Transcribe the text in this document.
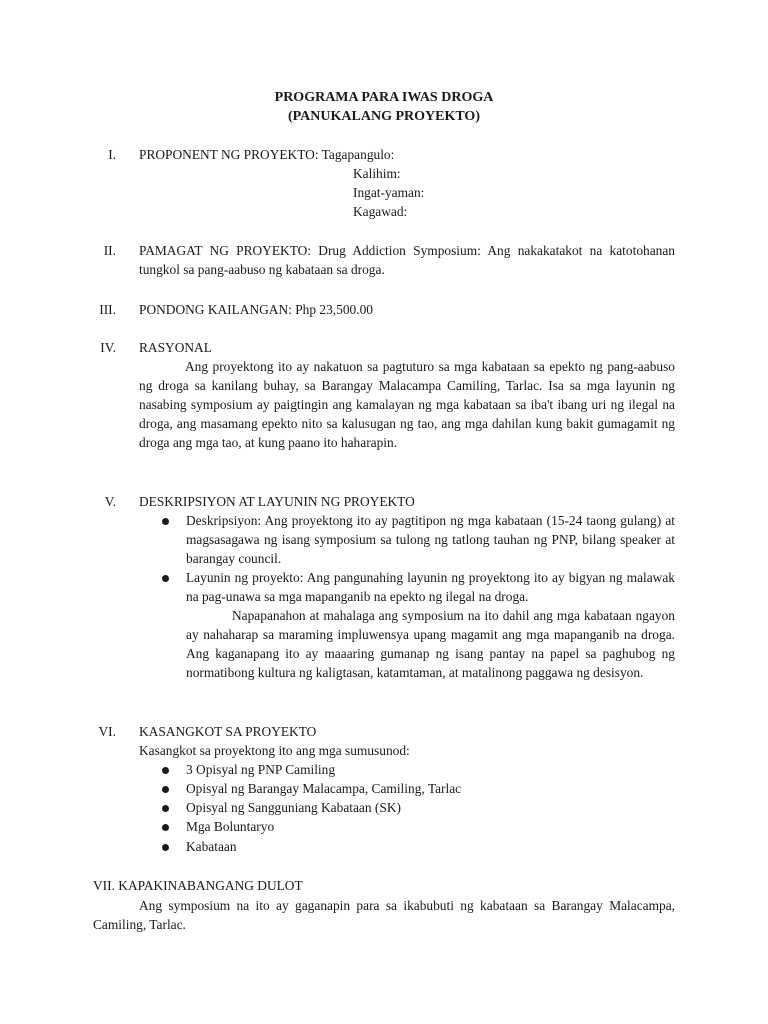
PROGRAMA PARA IWAS DROGA
(PANUKALANG PROYEKTO)
I. PROPONENT NG PROYEKTO: Tagapangulo:
Kalihim:
Ingat-yaman:
Kagawad:
II. PAMAGAT NG PROYEKTO: Drug Addiction Symposium: Ang nakakatakot na katotohanan tungkol sa pang-aabuso ng kabataan sa droga.
III. PONDONG KAILANGAN: Php 23,500.00
IV. RASYONAL
Ang proyektong ito ay nakatuon sa pagtuturo sa mga kabataan sa epekto ng pang-aabuso ng droga sa kanilang buhay, sa Barangay Malacampa Camiling, Tarlac. Isa sa mga layunin ng nasabing symposium ay paigtingin ang kamalayan ng mga kabataan sa iba't ibang uri ng ilegal na droga, ang masamang epekto nito sa kalusugan ng tao, ang mga dahilan kung bakit gumagamit ng droga ang mga tao, at kung paano ito haharapin.
V. DESKRIPSIYON AT LAYUNIN NG PROYEKTO
Deskripsiyon: Ang proyektong ito ay pagtitipon ng mga kabataan (15-24 taong gulang) at magsasagawa ng isang symposium sa tulong ng tatlong tauhan ng PNP, bilang speaker at barangay council.
Layunin ng proyekto: Ang pangunahing layunin ng proyektong ito ay bigyan ng malawak na pag-unawa sa mga mapanganib na epekto ng ilegal na droga.
Napapanahon at mahalaga ang symposium na ito dahil ang mga kabataan ngayon ay nahaharap sa maraming impluwensya upang magamit ang mga mapanganib na droga. Ang kaganapang ito ay maaaring gumanap ng isang pantay na papel sa paghubog ng normatibong kultura ng kaligtasan, katamtaman, at matalinong paggawa ng desisyon.
VI. KASANGKOT SA PROYEKTO
Kasangkot sa proyektong ito ang mga sumusunod:
3 Opisyal ng PNP Camiling
Opisyal ng Barangay Malacampa, Camiling, Tarlac
Opisyal ng Sangguniang Kabataan (SK)
Mga Boluntaryo
Kabataan
VII. KAPAKINABANGANG DULOT
Ang symposium na ito ay gaganapin para sa ikabubuti ng kabataan sa Barangay Malacampa, Camiling, Tarlac.
